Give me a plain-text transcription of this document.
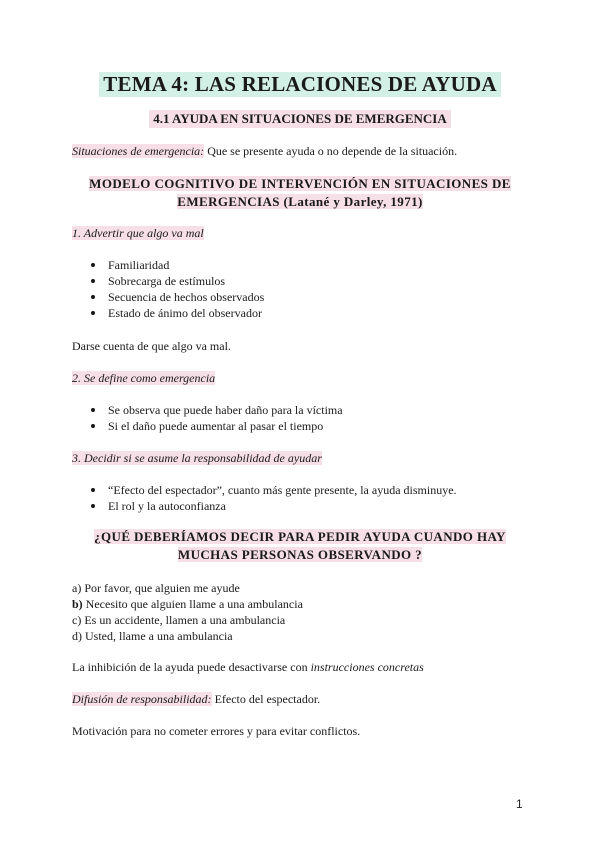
TEMA 4: LAS RELACIONES DE AYUDA
4.1 AYUDA EN SITUACIONES DE EMERGENCIA
Situaciones de emergencia: Que se presente ayuda o no depende de la situación.
MODELO COGNITIVO DE INTERVENCIÓN EN SITUACIONES DE
EMERGENCIAS (Latané y Darley, 1971)
1. Advertir que algo va mal
Familiaridad
Sobrecarga de estímulos
Secuencia de hechos observados
Estado de ánimo del observador
Darse cuenta de que algo va mal.
2. Se define como emergencia
Se observa que puede haber daño para la víctima
Si el daño puede aumentar al pasar el tiempo
3. Decidir si se asume la responsabilidad de ayudar
“Efecto del espectador”, cuanto más gente presente, la ayuda disminuye.
El rol y la autoconfianza
¿QUÉ DEBERÍAMOS DECIR PARA PEDIR AYUDA CUANDO HAY
MUCHAS PERSONAS OBSERVANDO ?
a) Por favor, que alguien me ayude
b) Necesito que alguien llame a una ambulancia
c) Es un accidente, llamen a una ambulancia
d) Usted, llame a una ambulancia
La inhibición de la ayuda puede desactivarse con instrucciones concretas
Difusión de responsabilidad: Efecto del espectador.
Motivación para no cometer errores y para evitar conflictos.
1
